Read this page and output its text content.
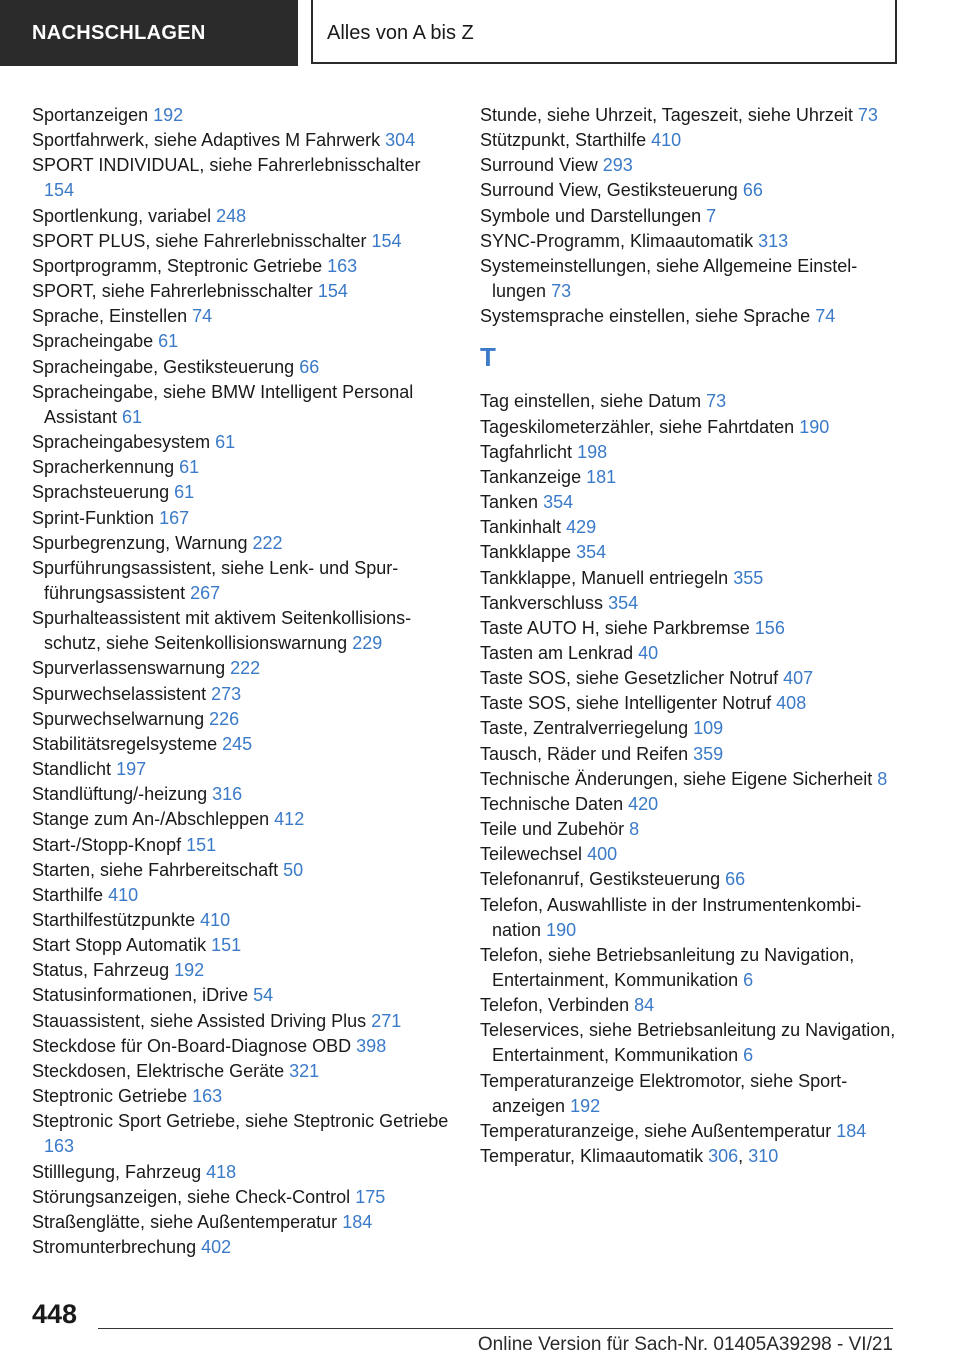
NACHSCHLAGEN	Alles von A bis Z
Sportanzeigen 192
Sportfahrwerk, siehe Adaptives M Fahrwerk 304
SPORT INDIVIDUAL, siehe Fahrerlebnisschalter 154
Sportlenkung, variabel 248
SPORT PLUS, siehe Fahrerlebnisschalter 154
Sportprogramm, Steptronic Getriebe 163
SPORT, siehe Fahrerlebnisschalter 154
Sprache, Einstellen 74
Spracheingabe 61
Spracheingabe, Gestiksteuerung 66
Spracheingabe, siehe BMW Intelligent Personal Assistant 61
Spracheingabesystem 61
Spracherkennung 61
Sprachsteuerung 61
Sprint-Funktion 167
Spurbegrenzung, Warnung 222
Spurführungsassistent, siehe Lenk- und Spurführungsassistent 267
Spurhalteassistent mit aktivem Seitenkollisionsschutz, siehe Seitenkollisionswarnung 229
Spurverlassenswarnung 222
Spurwechselassistent 273
Spurwechselwarnung 226
Stabilitätsregelsysteme 245
Standlicht 197
Standlüftung/-heizung 316
Stange zum An-/Abschleppen 412
Start-/Stopp-Knopf 151
Starten, siehe Fahrbereitschaft 50
Starthilfe 410
Starthilfestützpunkte 410
Start Stopp Automatik 151
Status, Fahrzeug 192
Statusinformationen, iDrive 54
Stauassistent, siehe Assisted Driving Plus 271
Steckdose für On-Board-Diagnose OBD 398
Steckdosen, Elektrische Geräte 321
Steptronic Getriebe 163
Steptronic Sport Getriebe, siehe Steptronic Getriebe 163
Stilllegung, Fahrzeug 418
Störungsanzeigen, siehe Check-Control 175
Straßenglätte, siehe Außentemperatur 184
Stromunterbrechung 402
Stunde, siehe Uhrzeit, Tageszeit, siehe Uhrzeit 73
Stützpunkt, Starthilfe 410
Surround View 293
Surround View, Gestiksteuerung 66
Symbole und Darstellungen 7
SYNC-Programm, Klimaautomatik 313
Systemeinstellungen, siehe Allgemeine Einstellungen 73
Systemsprache einstellen, siehe Sprache 74
T
Tag einstellen, siehe Datum 73
Tageskilometerzähler, siehe Fahrtdaten 190
Tagfahrlicht 198
Tankanzeige 181
Tanken 354
Tankinhalt 429
Tankklappe 354
Tankklappe, Manuell entriegeln 355
Tankverschluss 354
Taste AUTO H, siehe Parkbremse 156
Tasten am Lenkrad 40
Taste SOS, siehe Gesetzlicher Notruf 407
Taste SOS, siehe Intelligenter Notruf 408
Taste, Zentralverriegelung 109
Tausch, Räder und Reifen 359
Technische Änderungen, siehe Eigene Sicherheit 8
Technische Daten 420
Teile und Zubehör 8
Teilewechsel 400
Telefonanruf, Gestiksteuerung 66
Telefon, Auswahlliste in der Instrumentenkombination 190
Telefon, siehe Betriebsanleitung zu Navigation, Entertainment, Kommunikation 6
Telefon, Verbinden 84
Teleservices, siehe Betriebsanleitung zu Navigation, Entertainment, Kommunikation 6
Temperaturanzeige Elektromotor, siehe Sportanzeigen 192
Temperaturanzeige, siehe Außentemperatur 184
Temperatur, Klimaautomatik 306, 310
448
Online Version für Sach-Nr. 01405A39298 - VI/21
